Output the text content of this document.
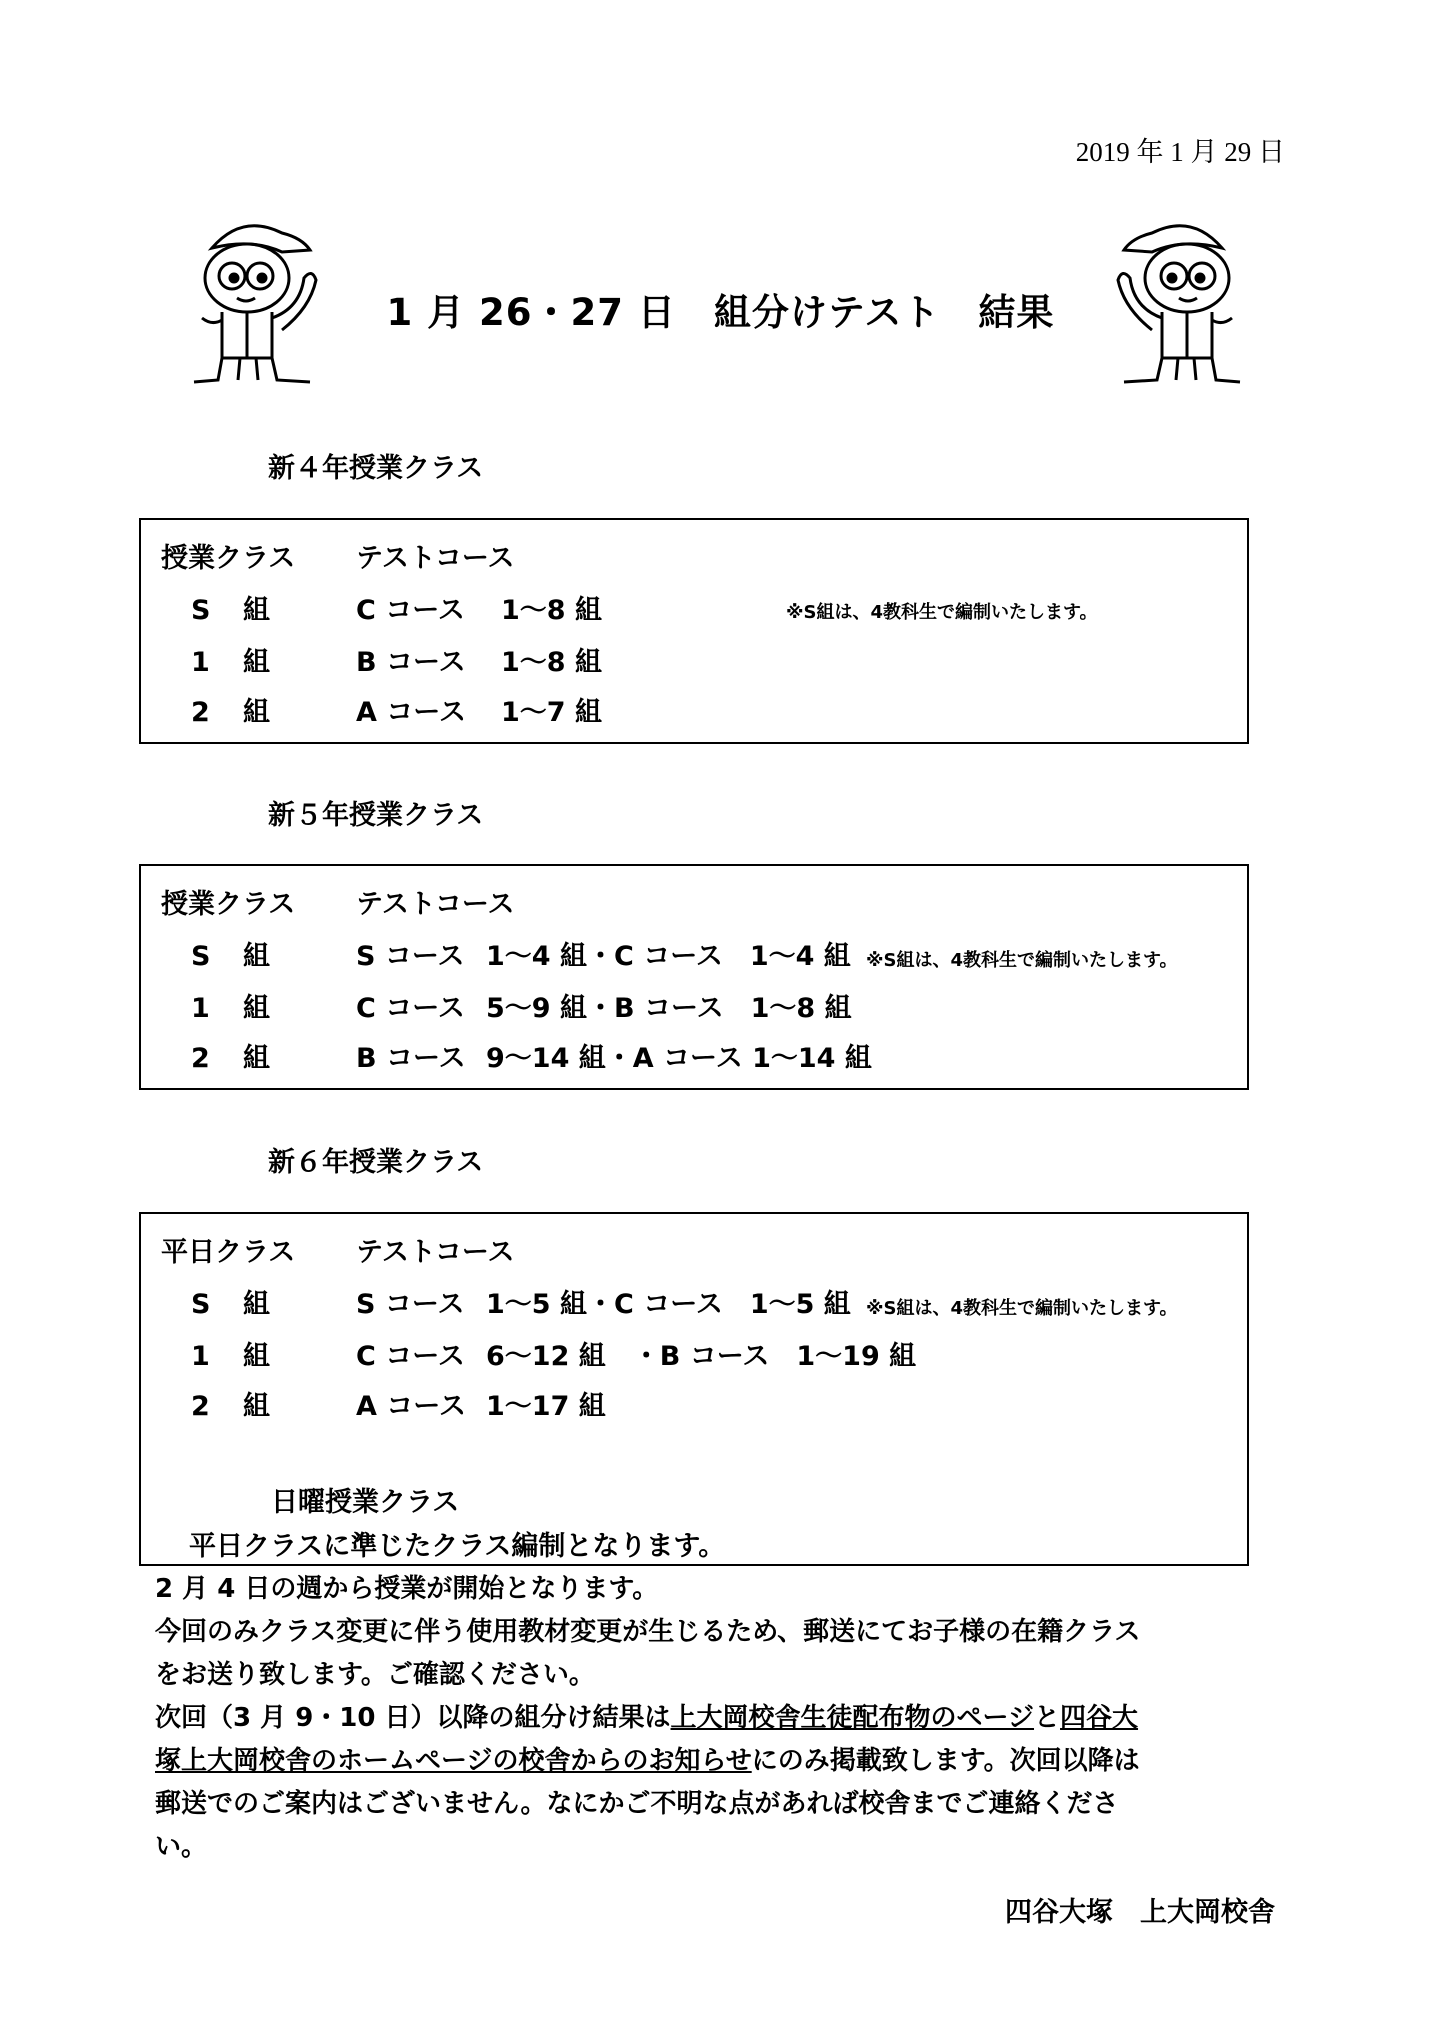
2019 年 1 月 29 日
1 月 26・27 日　組分けテスト　結果
新４年授業クラス
授業クラス テストコース
S 組	C コース 1〜8 組	※S組は、4教科生で編制いたします。
1 組	B コース 1〜8 組
2 組	A コース 1〜7 組
新５年授業クラス
授業クラス テストコース
S 組	S コース 1〜4 組・C コース　1〜4 組 ※S組は、4教科生で編制いたします。
1 組	C コース 5〜9 組・B コース　1〜8 組
2 組	B コース 9〜14 組・A コース 1〜14 組
新６年授業クラス
平日クラス テストコース
S 組	S コース 1〜5 組・C コース　1〜5 組 ※S組は、4教科生で編制いたします。
1 組	C コース 6〜12 組　・B コース　1〜19 組
2 組	A コース 1〜17 組
日曜授業クラス
平日クラスに準じたクラス編制となります。

2 月 4 日の週から授業が開始となります。

今回のみクラス変更に伴う使用教材変更が生じるため、郵送にてお子様の在籍クラスをお送り致します。ご確認ください。

次回（3 月 9・10 日）以降の組分け結果は上大岡校舎生徒配布物のページと四谷大塚上大岡校舎のホームページの校舎からのお知らせにのみ掲載致します。次回以降は郵送でのご案内はございません。なにかご不明な点があれば校舎までご連絡ください。

四谷大塚　上大岡校舎
